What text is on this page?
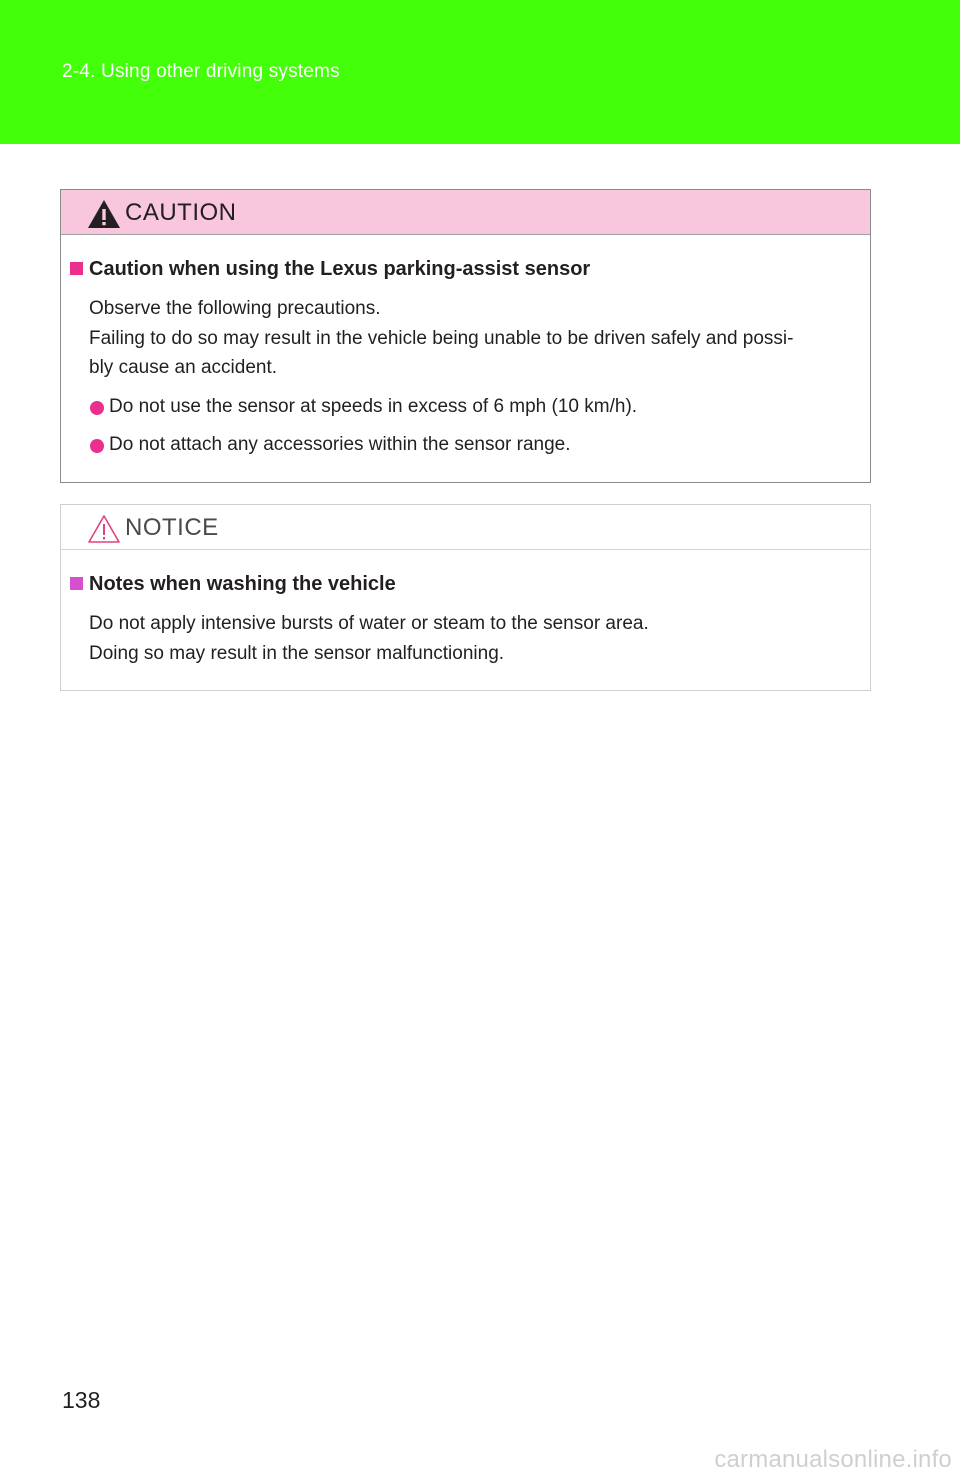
2-4. Using other driving systems
CAUTION
Caution when using the Lexus parking-assist sensor

Observe the following precautions.

Failing to do so may result in the vehicle being unable to be driven safely and possi-

bly cause an accident.

Do not use the sensor at speeds in excess of 6 mph (10 km/h).
Do not attach any accessories within the sensor range.
NOTICE
Notes when washing the vehicle

Do not apply intensive bursts of water or steam to the sensor area.

Doing so may result in the sensor malfunctioning.

138
carmanualsonline.info
